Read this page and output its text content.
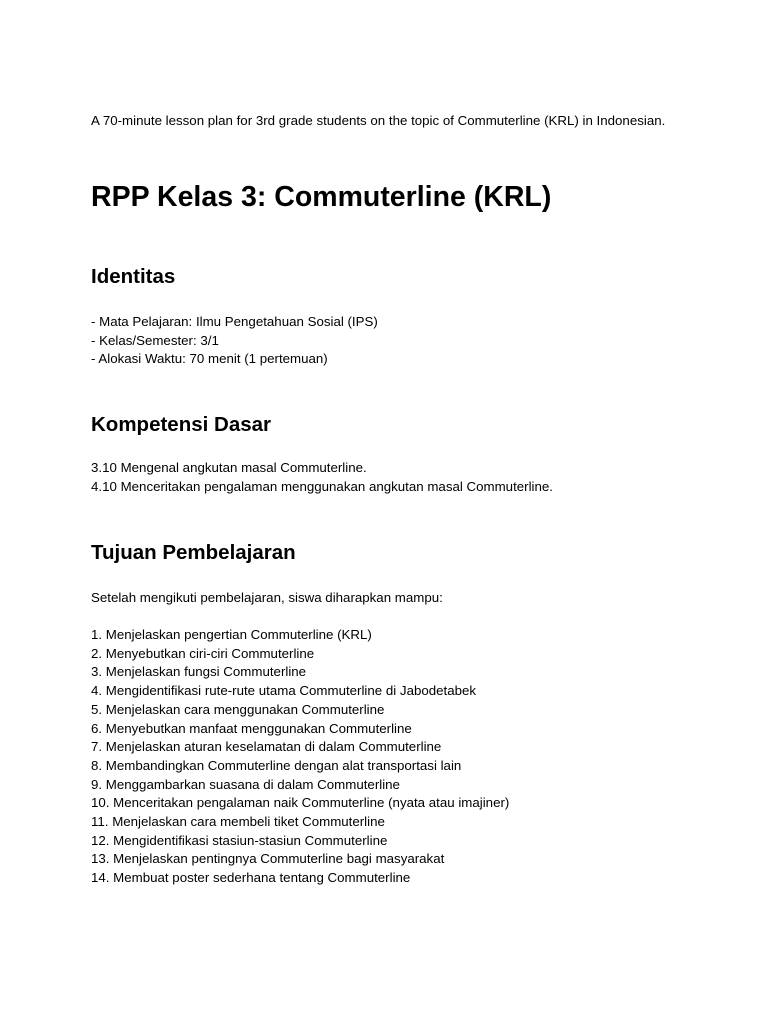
A 70-minute lesson plan for 3rd grade students on the topic of Commuterline (KRL) in Indonesian.
RPP Kelas 3: Commuterline (KRL)
Identitas
- Mata Pelajaran: Ilmu Pengetahuan Sosial (IPS)
- Kelas/Semester: 3/1
- Alokasi Waktu: 70 menit (1 pertemuan)
Kompetensi Dasar
3.10 Mengenal angkutan masal Commuterline.
4.10 Menceritakan pengalaman menggunakan angkutan masal Commuterline.
Tujuan Pembelajaran

Setelah mengikuti pembelajaran, siswa diharapkan mampu:

1. Menjelaskan pengertian Commuterline (KRL)
2. Menyebutkan ciri-ciri Commuterline
3. Menjelaskan fungsi Commuterline
4. Mengidentifikasi rute-rute utama Commuterline di Jabodetabek
5. Menjelaskan cara menggunakan Commuterline
6. Menyebutkan manfaat menggunakan Commuterline
7. Menjelaskan aturan keselamatan di dalam Commuterline
8. Membandingkan Commuterline dengan alat transportasi lain
9. Menggambarkan suasana di dalam Commuterline
10. Menceritakan pengalaman naik Commuterline (nyata atau imajiner)
11. Menjelaskan cara membeli tiket Commuterline
12. Mengidentifikasi stasiun-stasiun Commuterline
13. Menjelaskan pentingnya Commuterline bagi masyarakat
14. Membuat poster sederhana tentang Commuterline
